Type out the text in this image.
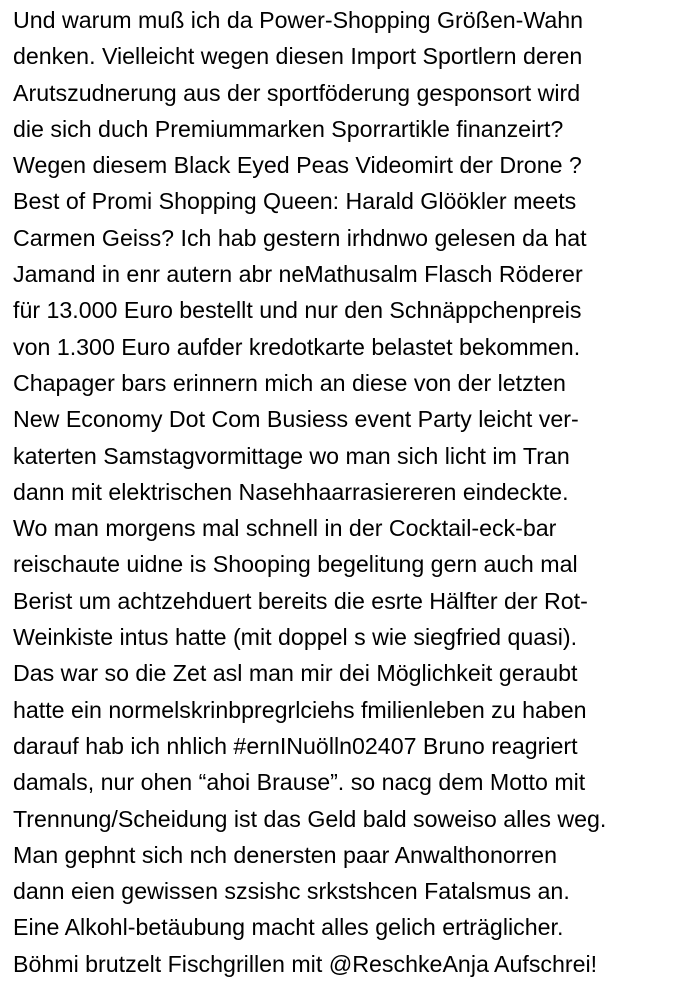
Und warum muß ich da Power-Shopping Größen-Wahn
denken. Vielleicht wegen diesen Import Sportlern deren
Arutszudnerung aus der sportföderung gesponsort wird
die sich duch Premiummarken Sporrartikle finanzeirt?
Wegen diesem Black Eyed Peas Videomirt der Drone ?
Best of Promi Shopping Queen: Harald Glöökler meets
Carmen Geiss? Ich hab gestern irhdnwo gelesen da hat
Jamand in enr autern abr neMathusalm Flasch Röderer
für 13.000 Euro bestellt und nur den Schnäppchenpreis
von 1.300 Euro aufder kredotkarte belastet bekommen.
Chapager bars erinnern mich an diese von der letzten
New Economy Dot Com Busiess event Party leicht ver-
katerten Samstagvormittage wo man sich licht im Tran
dann mit elektrischen Nasehhaarrasiereren eindeckte.
Wo man morgens mal schnell in der Cocktail-eck-bar
reischaute uidne is Shooping begelitung gern auch mal
Berist um achtzehduert bereits die esrte Hälfter der Rot-
Weinkiste intus hatte (mit doppel s wie siegfried quasi).
Das war so die Zet asl man mir dei Möglichkeit geraubt
hatte ein normelskrinbpregrlciehs fmilienleben zu haben
darauf hab ich nhlich #ernINuölln02407 Bruno reagriert
damals, nur ohen “ahoi Brause”. so nacg dem Motto mit
Trennung/Scheidung ist das Geld bald soweiso alles weg.
Man gephnt sich nch denersten paar Anwalthonorren
dann eien gewissen szsishc srkstshcen Fatalsmus an.
Eine Alkohl-betäubung macht alles gelich erträglicher.
Böhmi brutzelt Fischgrillen mit @ReschkeAnja Aufschrei!
